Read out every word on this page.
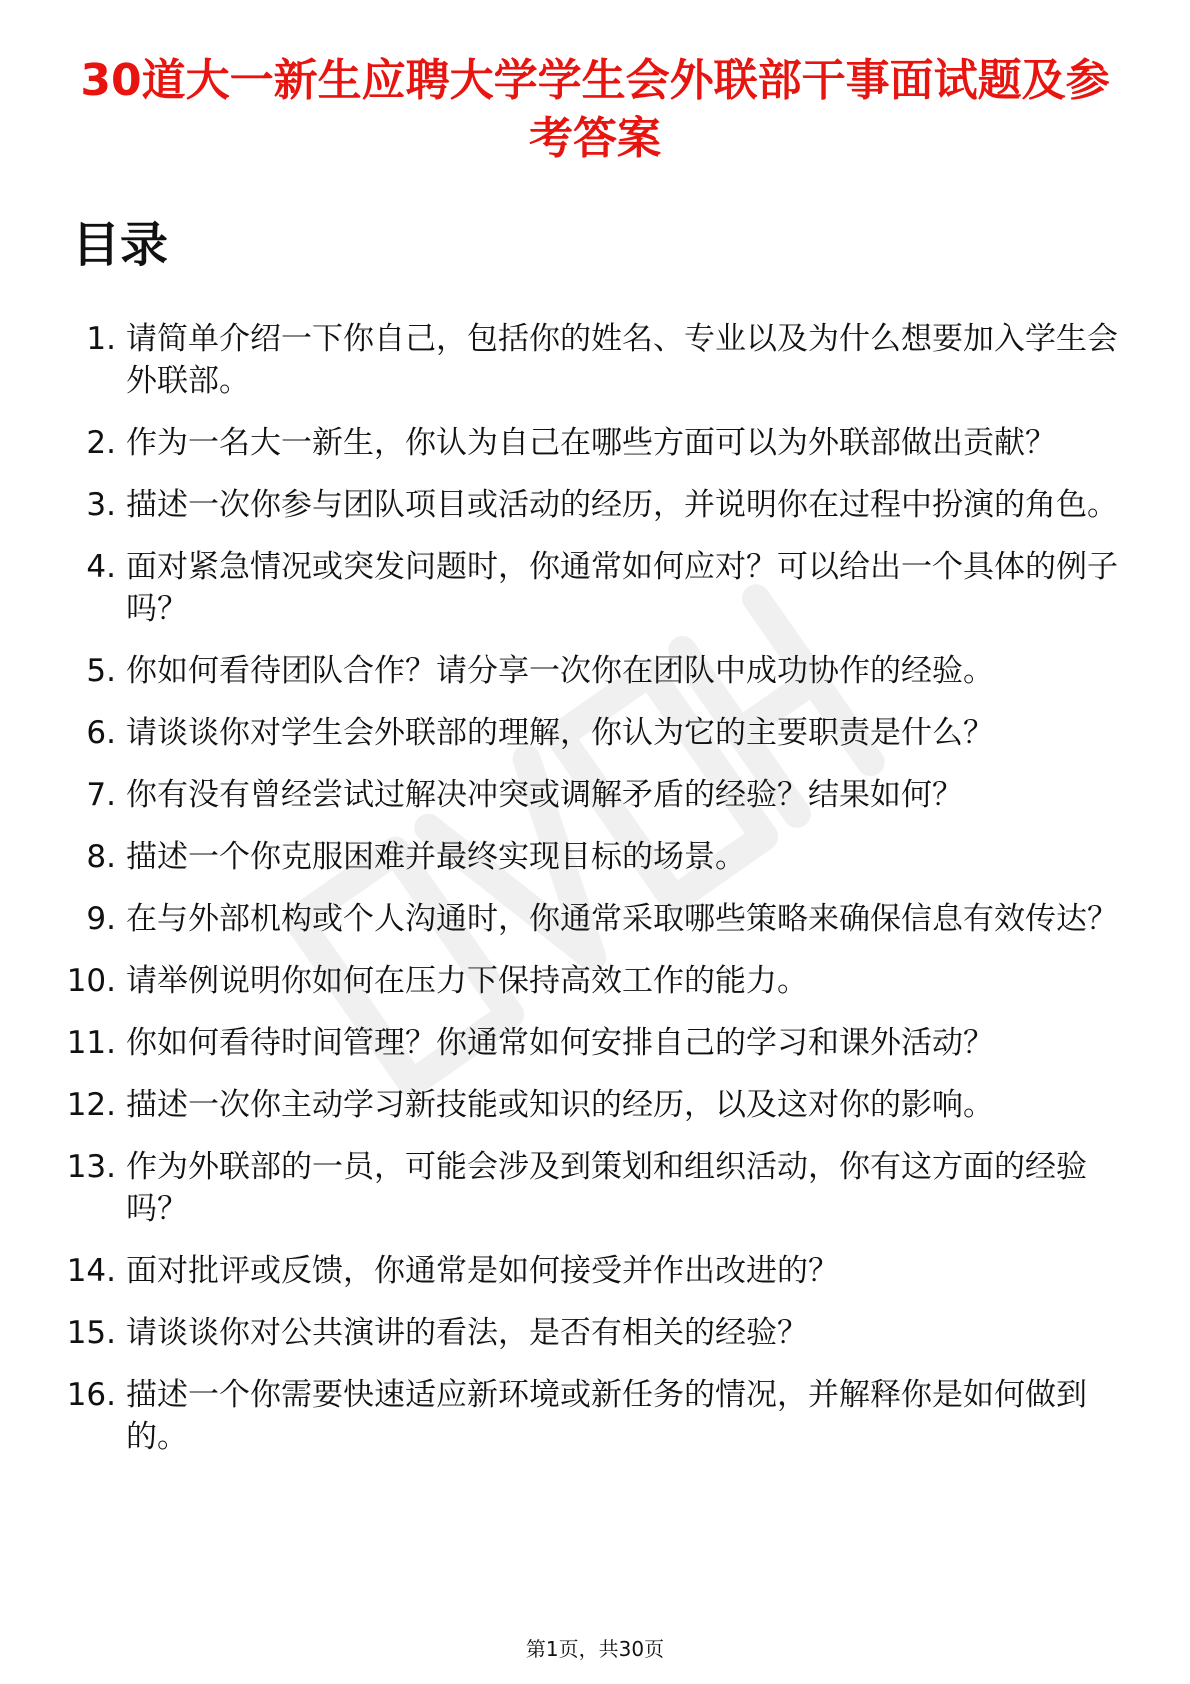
30道大一新生应聘大学学生会外联部干事面试题及参考答案
目录
1. 请简单介绍一下你自己，包括你的姓名、专业以及为什么想要加入学生会外联部。
2. 作为一名大一新生，你认为自己在哪些方面可以为外联部做出贡献？
3. 描述一次你参与团队项目或活动的经历，并说明你在过程中扮演的角色。
4. 面对紧急情况或突发问题时，你通常如何应对？可以给出一个具体的例子吗？
5. 你如何看待团队合作？请分享一次你在团队中成功协作的经验。
6. 请谈谈你对学生会外联部的理解，你认为它的主要职责是什么？
7. 你有没有曾经尝试过解决冲突或调解矛盾的经验？结果如何？
8. 描述一个你克服困难并最终实现目标的场景。
9. 在与外部机构或个人沟通时，你通常采取哪些策略来确保信息有效传达？
10. 请举例说明你如何在压力下保持高效工作的能力。
11. 你如何看待时间管理？你通常如何安排自己的学习和课外活动？
12. 描述一次你主动学习新技能或知识的经历，以及这对你的影响。
13. 作为外联部的一员，可能会涉及到策划和组织活动，你有这方面的经验吗？
14. 面对批评或反馈，你通常是如何接受并作出改进的？
15. 请谈谈你对公共演讲的看法，是否有相关的经验？
16. 描述一个你需要快速适应新环境或新任务的情况，并解释你是如何做到的。
第1页，共30页
